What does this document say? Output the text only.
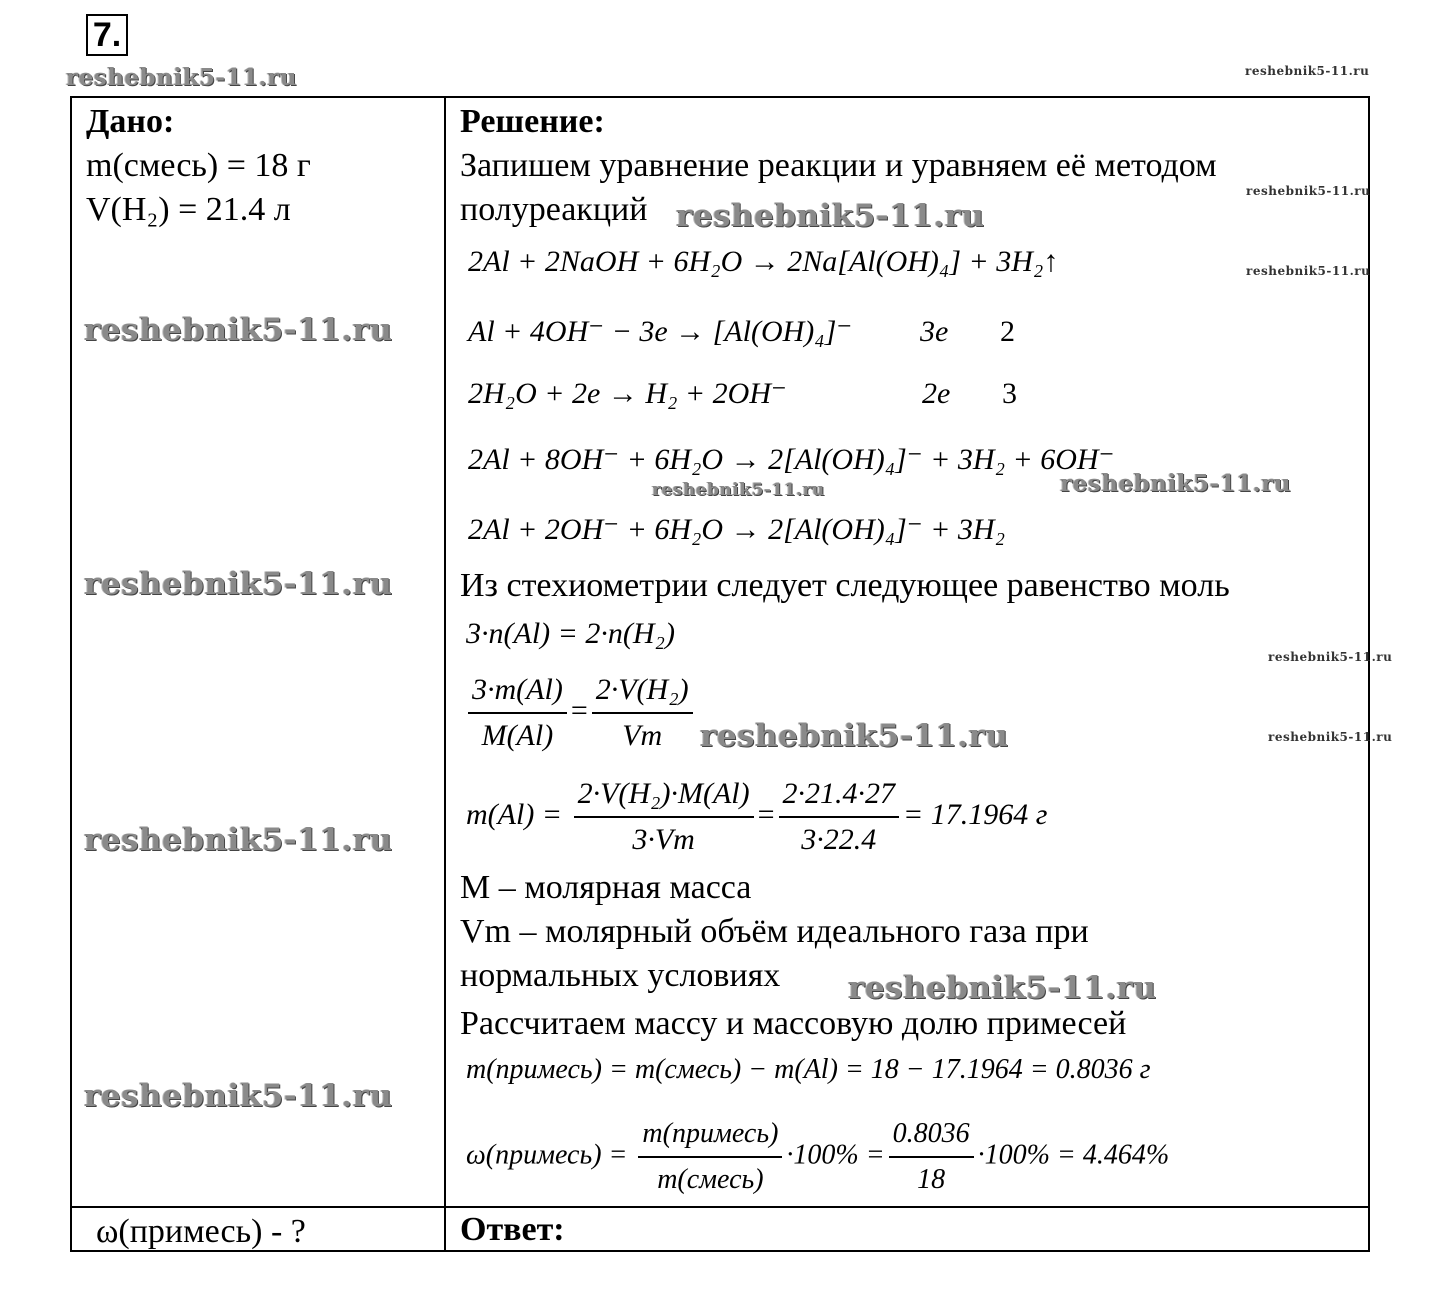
7.
reshebnik5-11.ru	reshebnik5-11.ru
Дано:
m(смесь) = 18 г
V(H₂) = 21.4 л
reshebnik5-11.ru
reshebnik5-11.ru
reshebnik5-11.ru
reshebnik5-11.ru
ω(примесь) - ?
Решение:
Запишем уравнение реакции и уравняем её методом
полуреакций reshebnik5-11.ru
reshebnik5-11.ru
2Al + 2NaOH + 6H₂O → 2Na[Al(OH)₄] + 3H₂↑	reshebnik5-11.ru
Al + 4OH⁻ − 3e → [Al(OH)₄]⁻ 3e 2
2H₂O + 2e → H₂ + 2OH⁻	2e 3
2Al + 8OH⁻ + 6H₂O → 2[Al(OH)₄]⁻ + 3H₂ + 6OH⁻
reshebnik5-11.ru	reshebnik5-11.ru
2Al + 2OH⁻ + 6H₂O → 2[Al(OH)₄]⁻ + 3H₂
Из стехиометрии следует следующее равенство моль
3·n(Al) = 2·n(H₂)
reshebnik5-11.ru
$\frac{3\cdot m(Al)}{M(Al)} = \frac{\text{2·V(H₂)}}{Vm}$ reshebnik5-11.ru	reshebnik5-11.ru
$m(Al) = \frac{\text{2·V(H₂)·M(Al)}}{3\cdot Vm} = \frac{2\cdot 21.4\cdot 27}{3\cdot 22.4} = 17.1964$ г
M – молярная масса
Vm – молярный объём идеального газа при
нормальных условиях reshebnik5-11.ru
Рассчитаем массу и массовую долю примесей
m(примесь) = m(смесь) − m(Al) = 18 − 17.1964 = 0.8036 г
ω(примесь) = $\frac{\text{m(примесь)}}{\text{m(смесь)}} \cdot 100\% = \frac{0.8036}{18} \cdot 100\% = 4.464\%$
Ответ:
